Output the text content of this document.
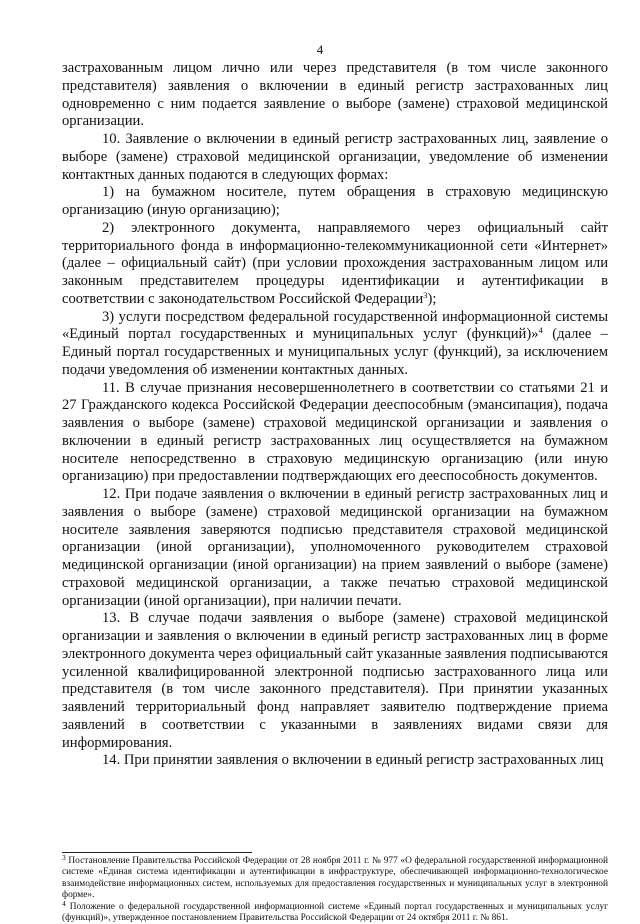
4

застрахованным лицом лично или через представителя (в том числе законного представителя) заявления о включении в единый регистр застрахованных лиц одновременно с ним подается заявление о выборе (замене) страховой медицинской организации.

10. Заявление о включении в единый регистр застрахованных лиц, заявление о выборе (замене) страховой медицинской организации, уведомление об изменении контактных данных подаются в следующих формах:

1) на бумажном носителе, путем обращения в страховую медицинскую организацию (иную организацию);

2) электронного документа, направляемого через официальный сайт территориального фонда в информационно-телекоммуникационной сети «Интернет» (далее – официальный сайт) (при условии прохождения застрахованным лицом или законным представителем процедуры идентификации и аутентификации в соответствии с законодательством Российской Федерации$^3$);

3) услуги посредством федеральной государственной информационной системы «Единый портал государственных и муниципальных услуг (функций)»$^4$ (далее – Единый портал государственных и муниципальных услуг (функций), за исключением подачи уведомления об изменении контактных данных.

11. В случае признания несовершеннолетнего в соответствии со статьями 21 и 27 Гражданского кодекса Российской Федерации дееспособным (эмансипация), подача заявления о выборе (замене) страховой медицинской организации и заявления о включении в единый регистр застрахованных лиц осуществляется на бумажном носителе непосредственно в страховую медицинскую организацию (или иную организацию) при предоставлении подтверждающих его дееспособность документов.

12. При подаче заявления о включении в единый регистр застрахованных лиц и заявления о выборе (замене) страховой медицинской организации на бумажном носителе заявления заверяются подписью представителя страховой медицинской организации (иной организации), уполномоченного руководителем страховой медицинской организации (иной организации) на прием заявлений о выборе (замене) страховой медицинской организации, а также печатью страховой медицинской организации (иной организации), при наличии печати.

13. В случае подачи заявления о выборе (замене) страховой медицинской организации и заявления о включении в единый регистр застрахованных лиц в форме электронного документа через официальный сайт указанные заявления подписываются усиленной квалифицированной электронной подписью застрахованного лица или представителя (в том числе законного представителя). При принятии указанных заявлений территориальный фонд направляет заявителю подтверждение приема заявлений в соответствии с указанными в заявлениях видами связи для информирования.

14. При принятии заявления о включении в единый регистр застрахованных лиц

$^3$ Постановление Правительства Российской Федерации от 28 ноября 2011 г. № 977 «О федеральной государственной информационной системе «Единая система идентификации и аутентификации в инфраструктуре, обеспечивающей информационно-технологическое взаимодействие информационных систем, используемых для предоставления государственных и муниципальных услуг в электронной форме».

$^4$ Положение о федеральной государственной информационной системе «Единый портал государственных и муниципальных услуг (функций)», утвержденное постановлением Правительства Российской Федерации от 24 октября 2011 г. № 861.
